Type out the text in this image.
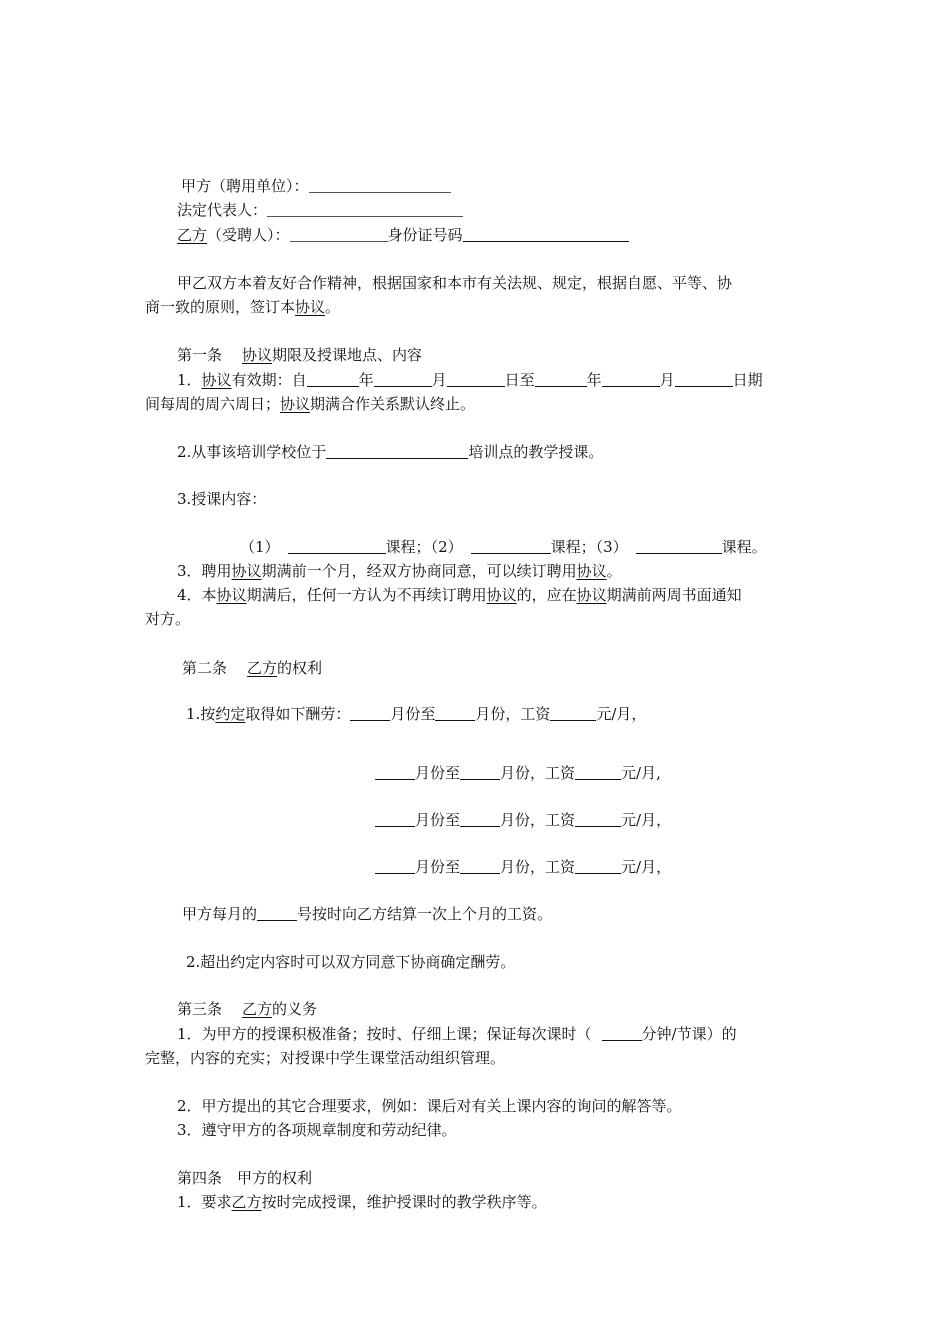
甲方（聘用单位）：
法定代表人：
乙方（受聘人）：	身份证号码
甲乙双方本着友好合作精神，根据国家和本市有关法规、规定，根据自愿、平等、协
商一致的原则，签订本协议。
第一条 协议期限及授课地点、内容
1．协议有效期：自	年	月	日至	年	月	日期
间每周的周六周日；协议期满合作关系默认终止。
2.从事该培训学校位于	培训点的教学授课。
3.授课内容：
（1）	课程；（2）	课程；（3）	课程。
3．聘用协议期满前一个月，经双方协商同意，可以续订聘用协议。
4．本协议期满后，任何一方认为不再续订聘用协议的，应在协议期满前两周书面通知
对方。
第二条 乙方的权利
1.按约定取得如下酬劳：	月份至	月份，工资	元/月，
月份至	月份，工资	元/月,
月份至	月份，工资	元/月，
月份至	月份，工资	元/月，
甲方每月的	号按时向乙方结算一次上个月的工资。
2.超出约定内容时可以双方同意下协商确定酬劳。
第三条 乙方的义务
1．为甲方的授课积极准备；按时、仔细上课；保证每次课时（	分钟/节课）的
完整，内容的充实；对授课中学生课堂活动组织管理。
2．甲方提出的其它合理要求，例如：课后对有关上课内容的询问的解答等。
3．遵守甲方的各项规章制度和劳动纪律。
第四条　甲方的权利
1．要求乙方按时完成授课，维护授课时的教学秩序等。
